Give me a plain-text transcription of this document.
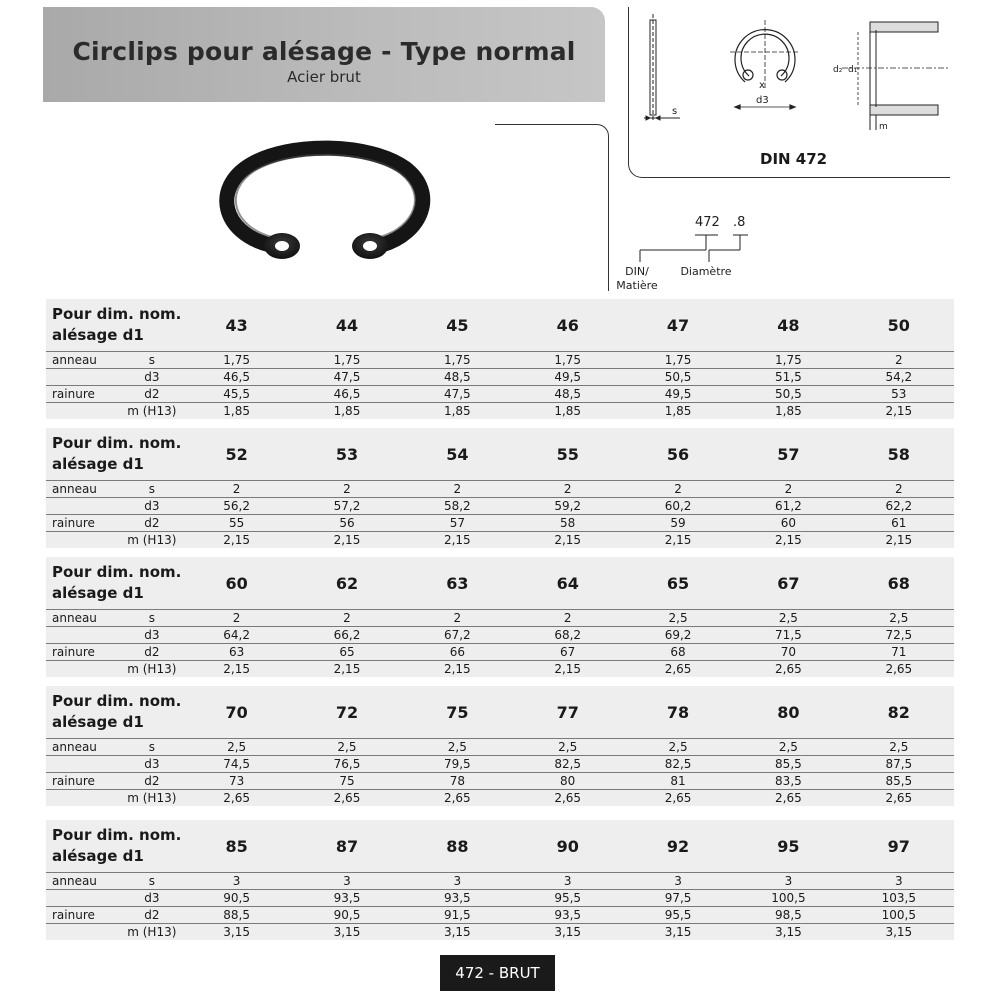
Circlips pour alésage - Type normal
Acier brut
s
x
d3
d₂ d₁
m
DIN 472
472 .8
DIN/
Matière
Diamètre
Pour dim. nom.
alésage d1		43	44	45	46	47	48	50
anneau	s	1,75	1,75	1,75	1,75	1,75	1,75	2
	d3	46,5	47,5	48,5	49,5	50,5	51,5	54,2
rainure	d2	45,5	46,5	47,5	48,5	49,5	50,5	53
	m (H13)	1,85	1,85	1,85	1,85	1,85	1,85	2,15
Pour dim. nom.
alésage d1		52	53	54	55	56	57	58
anneau	s	2	2	2	2	2	2	2
	d3	56,2	57,2	58,2	59,2	60,2	61,2	62,2
rainure	d2	55	56	57	58	59	60	61
	m (H13)	2,15	2,15	2,15	2,15	2,15	2,15	2,15
Pour dim. nom.
alésage d1		60	62	63	64	65	67	68
anneau	s	2	2	2	2	2,5	2,5	2,5
	d3	64,2	66,2	67,2	68,2	69,2	71,5	72,5
rainure	d2	63	65	66	67	68	70	71
	m (H13)	2,15	2,15	2,15	2,15	2,65	2,65	2,65
Pour dim. nom.
alésage d1		70	72	75	77	78	80	82
anneau	s	2,5	2,5	2,5	2,5	2,5	2,5	2,5
	d3	74,5	76,5	79,5	82,5	82,5	85,5	87,5
rainure	d2	73	75	78	80	81	83,5	85,5
	m (H13)	2,65	2,65	2,65	2,65	2,65	2,65	2,65
Pour dim. nom.
alésage d1		85	87	88	90	92	95	97
anneau	s	3	3	3	3	3	3	3
	d3	90,5	93,5	93,5	95,5	97,5	100,5	103,5
rainure	d2	88,5	90,5	91,5	93,5	95,5	98,5	100,5
	m (H13)	3,15	3,15	3,15	3,15	3,15	3,15	3,15
472 - BRUT
